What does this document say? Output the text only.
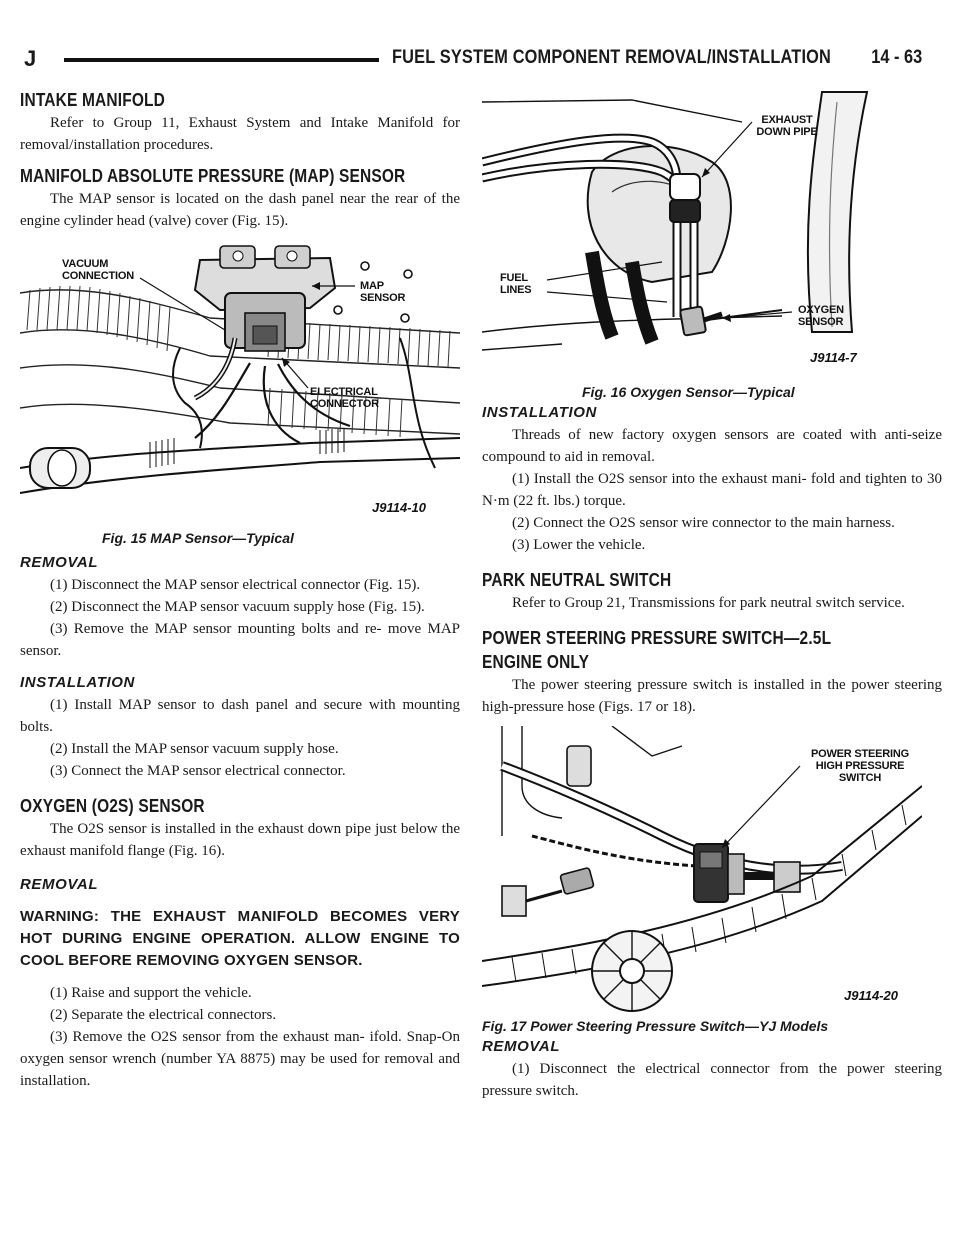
J	FUEL SYSTEM COMPONENT REMOVAL/INSTALLATION 14 - 63
INTAKE MANIFOLD

Refer to Group 11, Exhaust System and Intake Manifold for removal/installation procedures.

MANIFOLD ABSOLUTE PRESSURE (MAP) SENSOR

The MAP sensor is located on the dash panel near the rear of the engine cylinder head (valve) cover (Fig. 15).

VACUUM CONNECTION
MAP SENSOR
ELECTRICAL CONNECTOR
J9114-10
Fig. 15 MAP Sensor—Typical
REMOVAL

(1) Disconnect the MAP sensor electrical connector (Fig. 15).

(2) Disconnect the MAP sensor vacuum supply hose (Fig. 15).

(3) Remove the MAP sensor mounting bolts and re- move MAP sensor.

INSTALLATION

(1) Install MAP sensor to dash panel and secure with mounting bolts.

(2) Install the MAP sensor vacuum supply hose.

(3) Connect the MAP sensor electrical connector.

OXYGEN (O2S) SENSOR

The O2S sensor is installed in the exhaust down pipe just below the exhaust manifold flange (Fig. 16).

REMOVAL

WARNING: THE EXHAUST MANIFOLD BECOMES VERY HOT DURING ENGINE OPERATION. ALLOW ENGINE TO COOL BEFORE REMOVING OXYGEN SENSOR.

(1) Raise and support the vehicle.

(2) Separate the electrical connectors.

(3) Remove the O2S sensor from the exhaust man- ifold. Snap-On oxygen sensor wrench (number YA 8875) may be used for removal and installation.

EXHAUST DOWN PIPE
FUEL LINES
OXYGEN SENSOR
J9114-7
Fig. 16 Oxygen Sensor—Typical
INSTALLATION

Threads of new factory oxygen sensors are coated with anti-seize compound to aid in removal.

(1) Install the O2S sensor into the exhaust mani- fold and tighten to 30 N·m (22 ft. lbs.) torque.

(2) Connect the O2S sensor wire connector to the main harness.

(3) Lower the vehicle.

PARK NEUTRAL SWITCH

Refer to Group 21, Transmissions for park neutral switch service.

POWER STEERING PRESSURE SWITCH—2.5L
ENGINE ONLY

The power steering pressure switch is installed in the power steering high-pressure hose (Figs. 17 or 18).

POWER STEERING HIGH PRESSURE SWITCH
J9114-20
Fig. 17 Power Steering Pressure Switch—YJ Models
REMOVAL

(1) Disconnect the electrical connector from the power steering pressure switch.
